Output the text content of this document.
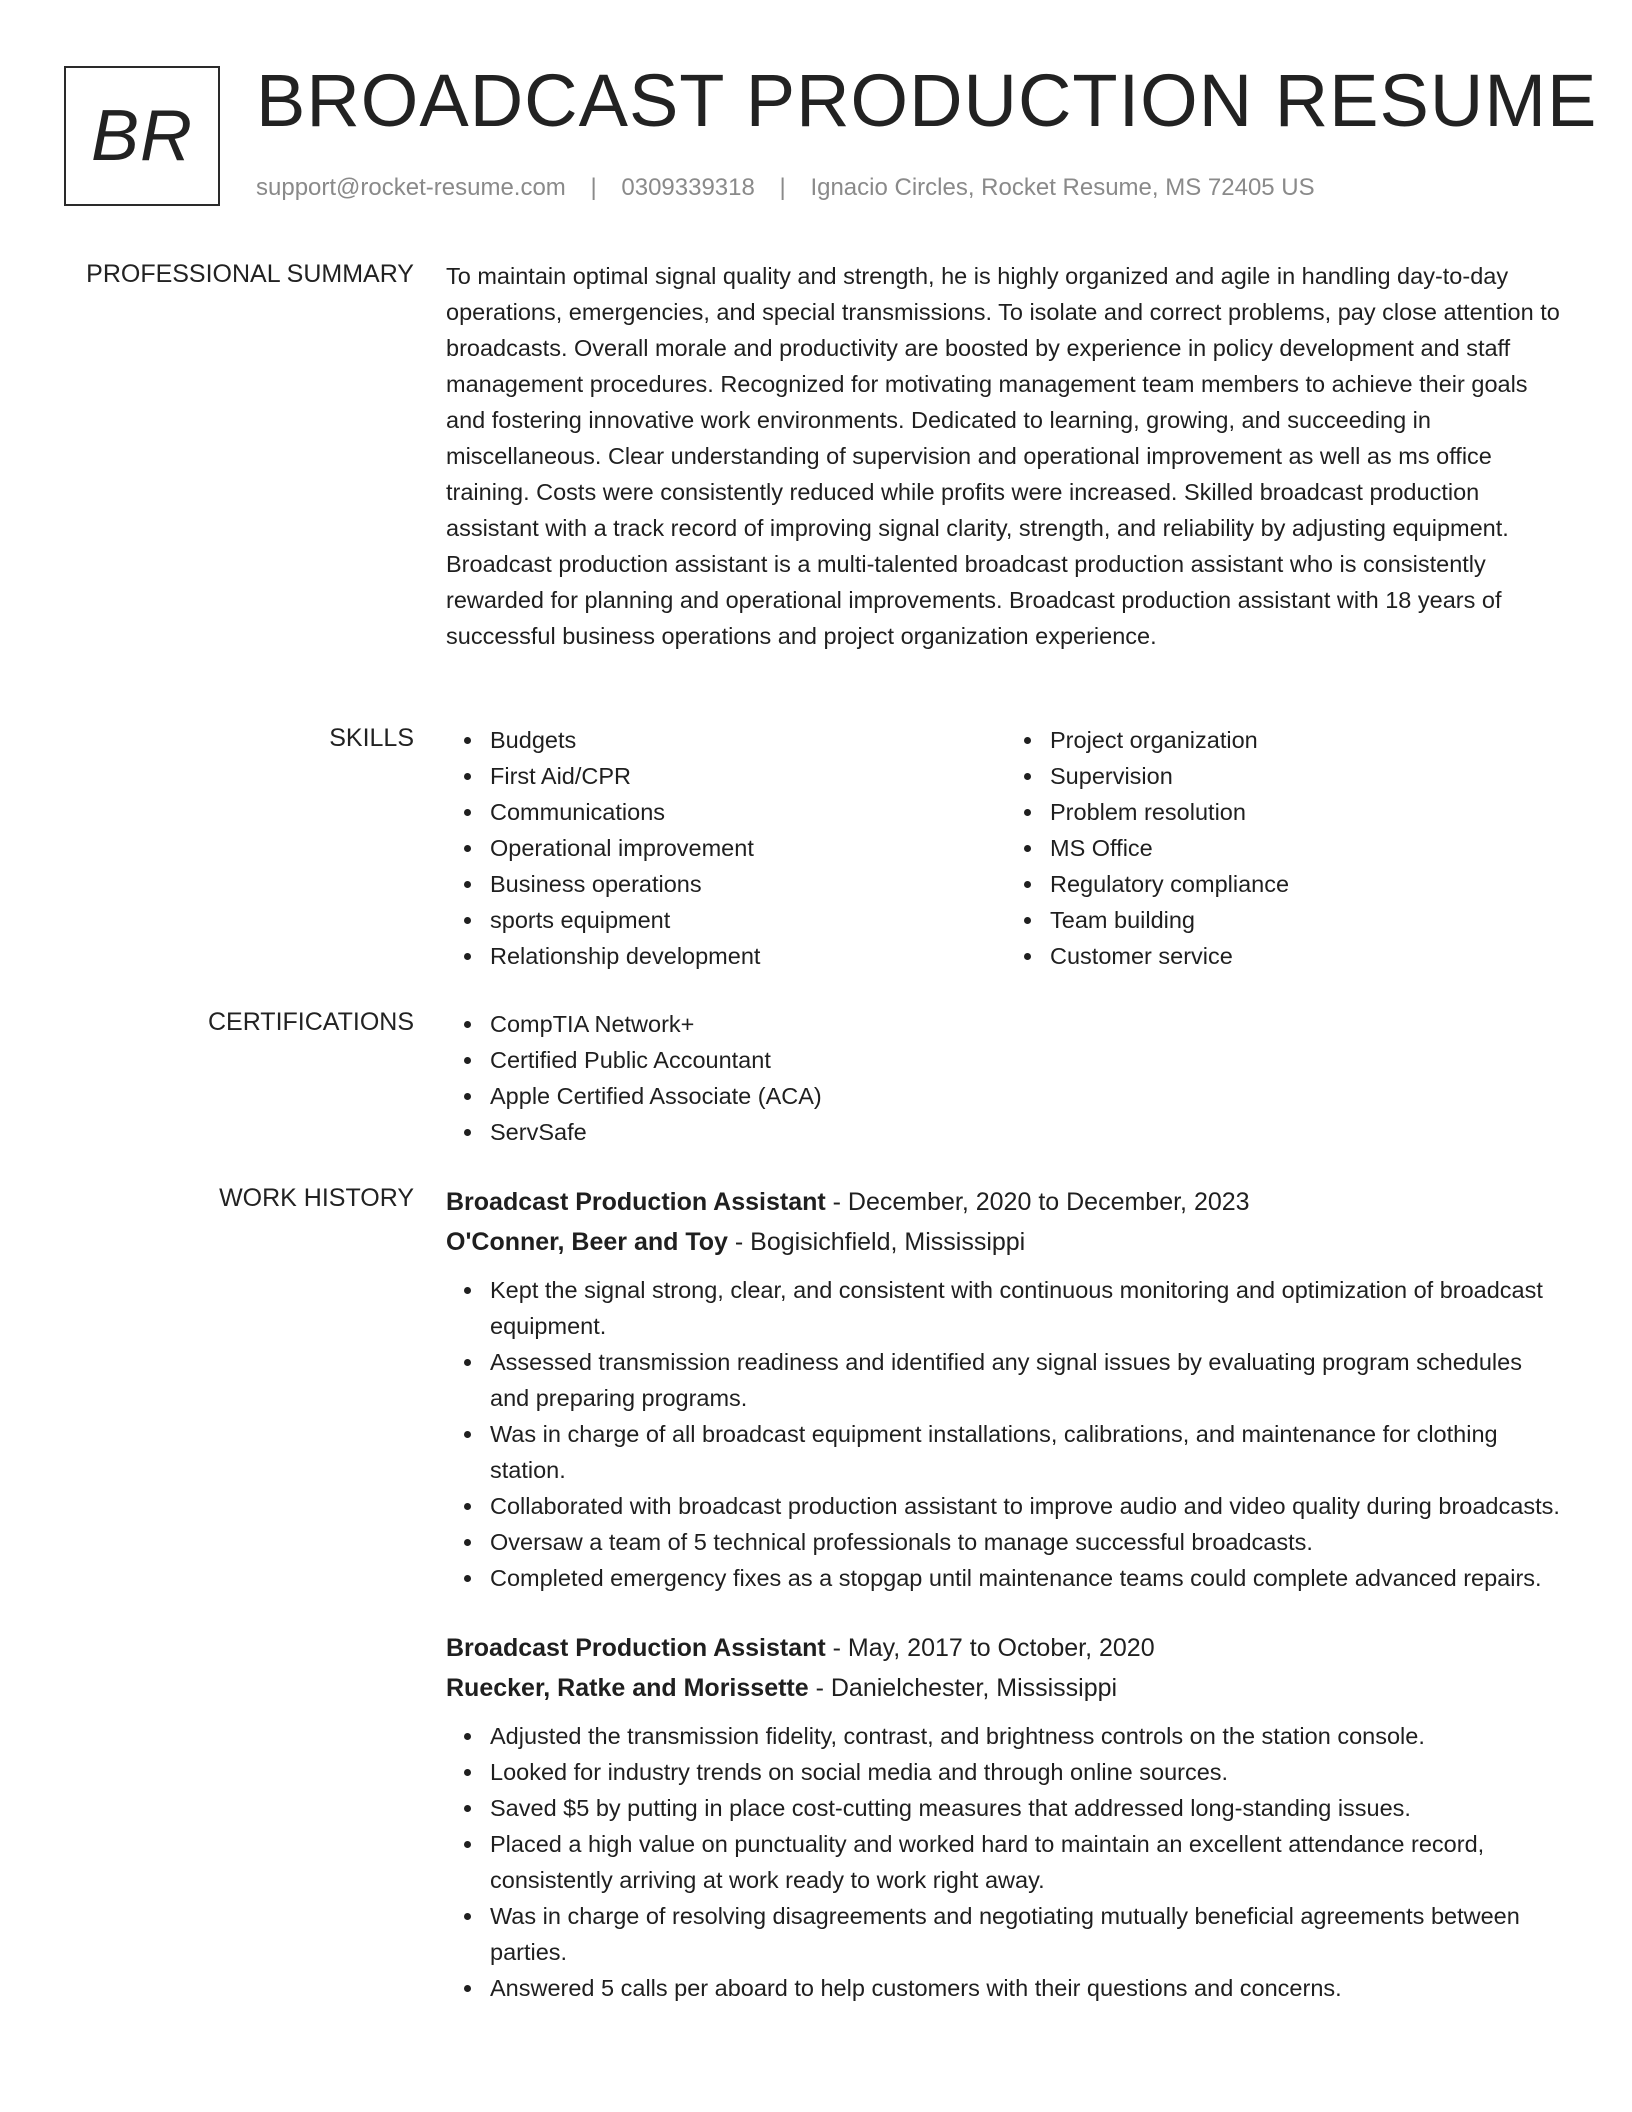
BR BROADCAST PRODUCTION RESUME
support@rocket-resume.com | 0309339318 | Ignacio Circles, Rocket Resume, MS 72405 US
PROFESSIONAL SUMMARY To maintain optimal signal quality and strength, he is highly organized and agile in handling day-to-day operations, emergencies, and special transmissions. To isolate and correct problems, pay close attention to broadcasts. Overall morale and productivity are boosted by experience in policy development and staff management procedures. Recognized for motivating management team members to achieve their goals and fostering innovative work environments. Dedicated to learning, growing, and succeeding in miscellaneous. Clear understanding of supervision and operational improvement as well as ms office training. Costs were consistently reduced while profits were increased. Skilled broadcast production assistant with a track record of improving signal clarity, strength, and reliability by adjusting equipment. Broadcast production assistant is a multi-talented broadcast production assistant who is consistently rewarded for planning and operational improvements. Broadcast production assistant with 18 years of successful business operations and project organization experience.

SKILLS	Budgets
First Aid/CPR
Communications
Operational improvement
Business operations
sports equipment
Relationship development
Project organization
Supervision
Problem resolution
MS Office
Regulatory compliance
Team building
Customer service
CERTIFICATIONS	CompTIA Network+
Certified Public Accountant
Apple Certified Associate (ACA)
ServSafe
WORK HISTORY Broadcast Production Assistant - December, 2020 to December, 2023
O'Conner, Beer and Toy - Bogisichfield, Mississippi
Kept the signal strong, clear, and consistent with continuous monitoring and optimization of broadcast equipment.
Assessed transmission readiness and identified any signal issues by evaluating program schedules and preparing programs.
Was in charge of all broadcast equipment installations, calibrations, and maintenance for clothing station.
Collaborated with broadcast production assistant to improve audio and video quality during broadcasts.
Oversaw a team of 5 technical professionals to manage successful broadcasts.
Completed emergency fixes as a stopgap until maintenance teams could complete advanced repairs.
Broadcast Production Assistant - May, 2017 to October, 2020
Ruecker, Ratke and Morissette - Danielchester, Mississippi
Adjusted the transmission fidelity, contrast, and brightness controls on the station console.
Looked for industry trends on social media and through online sources.
Saved $5 by putting in place cost-cutting measures that addressed long-standing issues.
Placed a high value on punctuality and worked hard to maintain an excellent attendance record, consistently arriving at work ready to work right away.
Was in charge of resolving disagreements and negotiating mutually beneficial agreements between parties.
Answered 5 calls per aboard to help customers with their questions and concerns.
